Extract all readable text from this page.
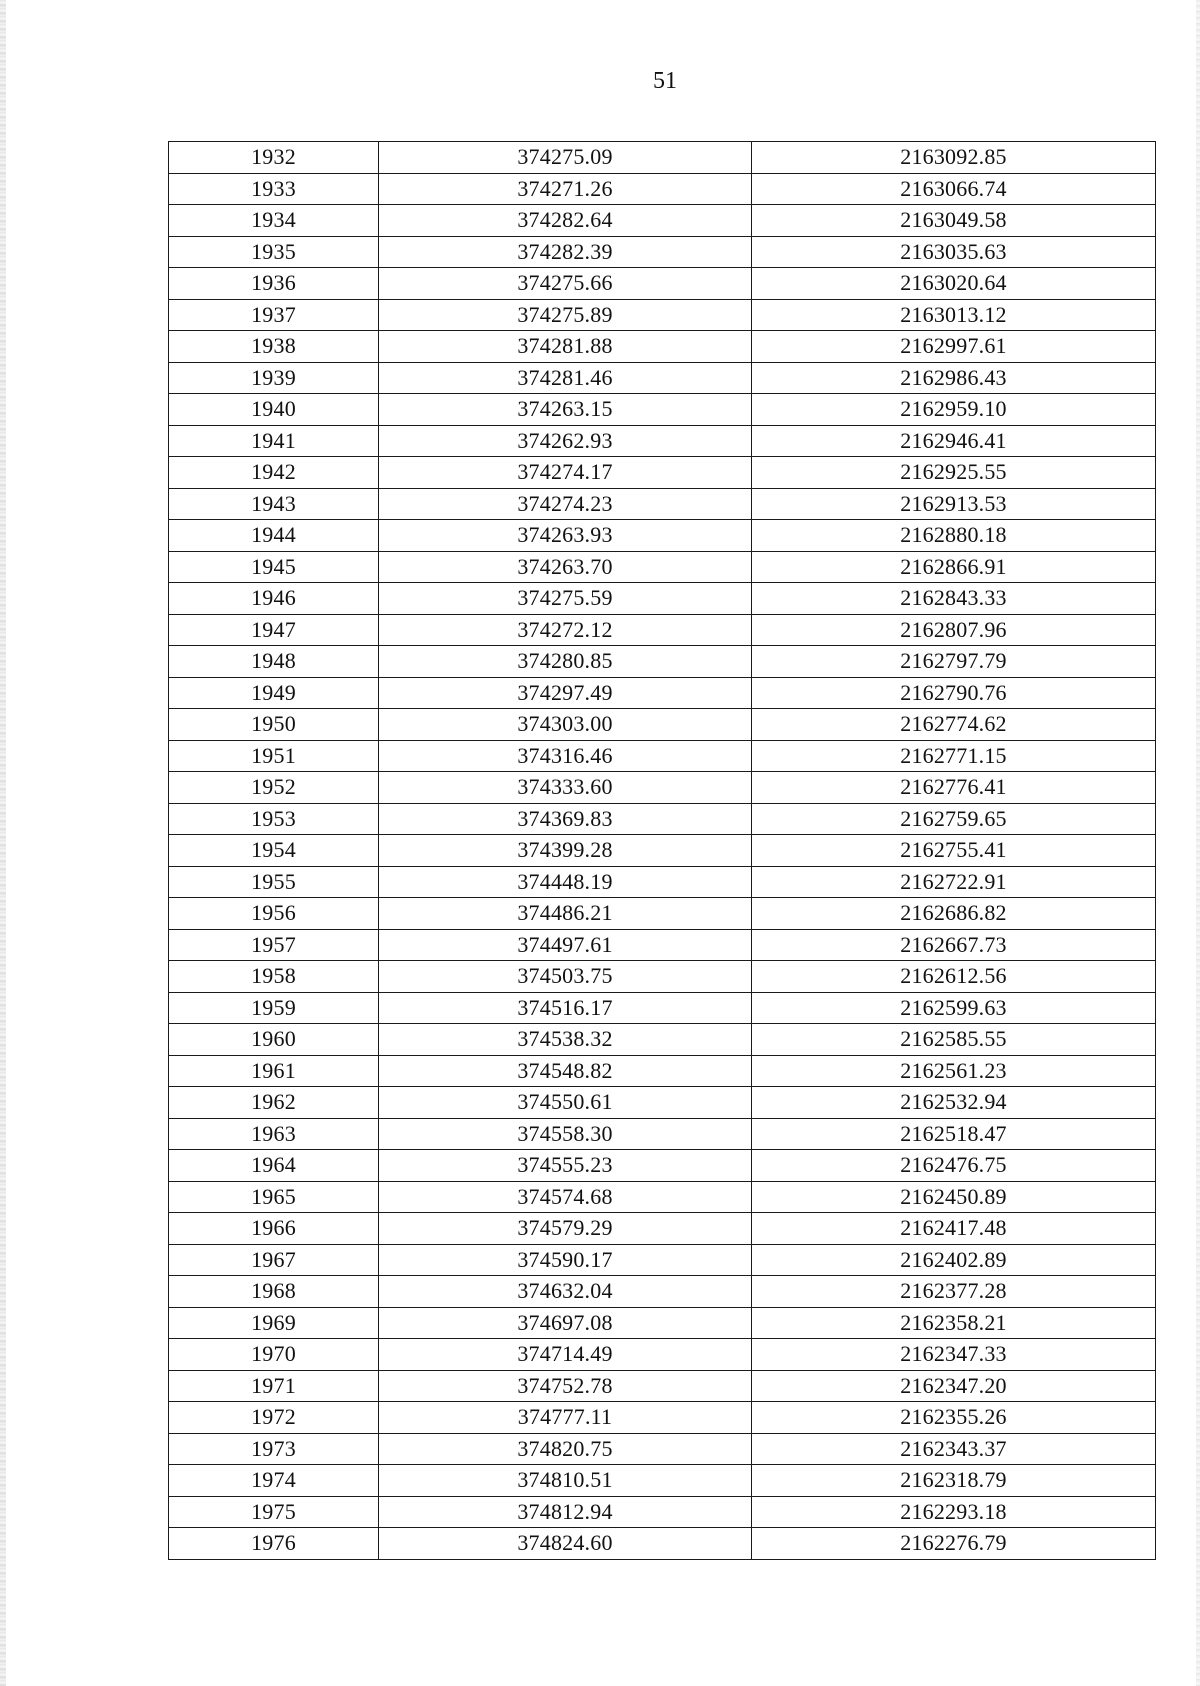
51
1932	374275.09	2163092.85
1933	374271.26	2163066.74
1934	374282.64	2163049.58
1935	374282.39	2163035.63
1936	374275.66	2163020.64
1937	374275.89	2163013.12
1938	374281.88	2162997.61
1939	374281.46	2162986.43
1940	374263.15	2162959.10
1941	374262.93	2162946.41
1942	374274.17	2162925.55
1943	374274.23	2162913.53
1944	374263.93	2162880.18
1945	374263.70	2162866.91
1946	374275.59	2162843.33
1947	374272.12	2162807.96
1948	374280.85	2162797.79
1949	374297.49	2162790.76
1950	374303.00	2162774.62
1951	374316.46	2162771.15
1952	374333.60	2162776.41
1953	374369.83	2162759.65
1954	374399.28	2162755.41
1955	374448.19	2162722.91
1956	374486.21	2162686.82
1957	374497.61	2162667.73
1958	374503.75	2162612.56
1959	374516.17	2162599.63
1960	374538.32	2162585.55
1961	374548.82	2162561.23
1962	374550.61	2162532.94
1963	374558.30	2162518.47
1964	374555.23	2162476.75
1965	374574.68	2162450.89
1966	374579.29	2162417.48
1967	374590.17	2162402.89
1968	374632.04	2162377.28
1969	374697.08	2162358.21
1970	374714.49	2162347.33
1971	374752.78	2162347.20
1972	374777.11	2162355.26
1973	374820.75	2162343.37
1974	374810.51	2162318.79
1975	374812.94	2162293.18
1976	374824.60	2162276.79
